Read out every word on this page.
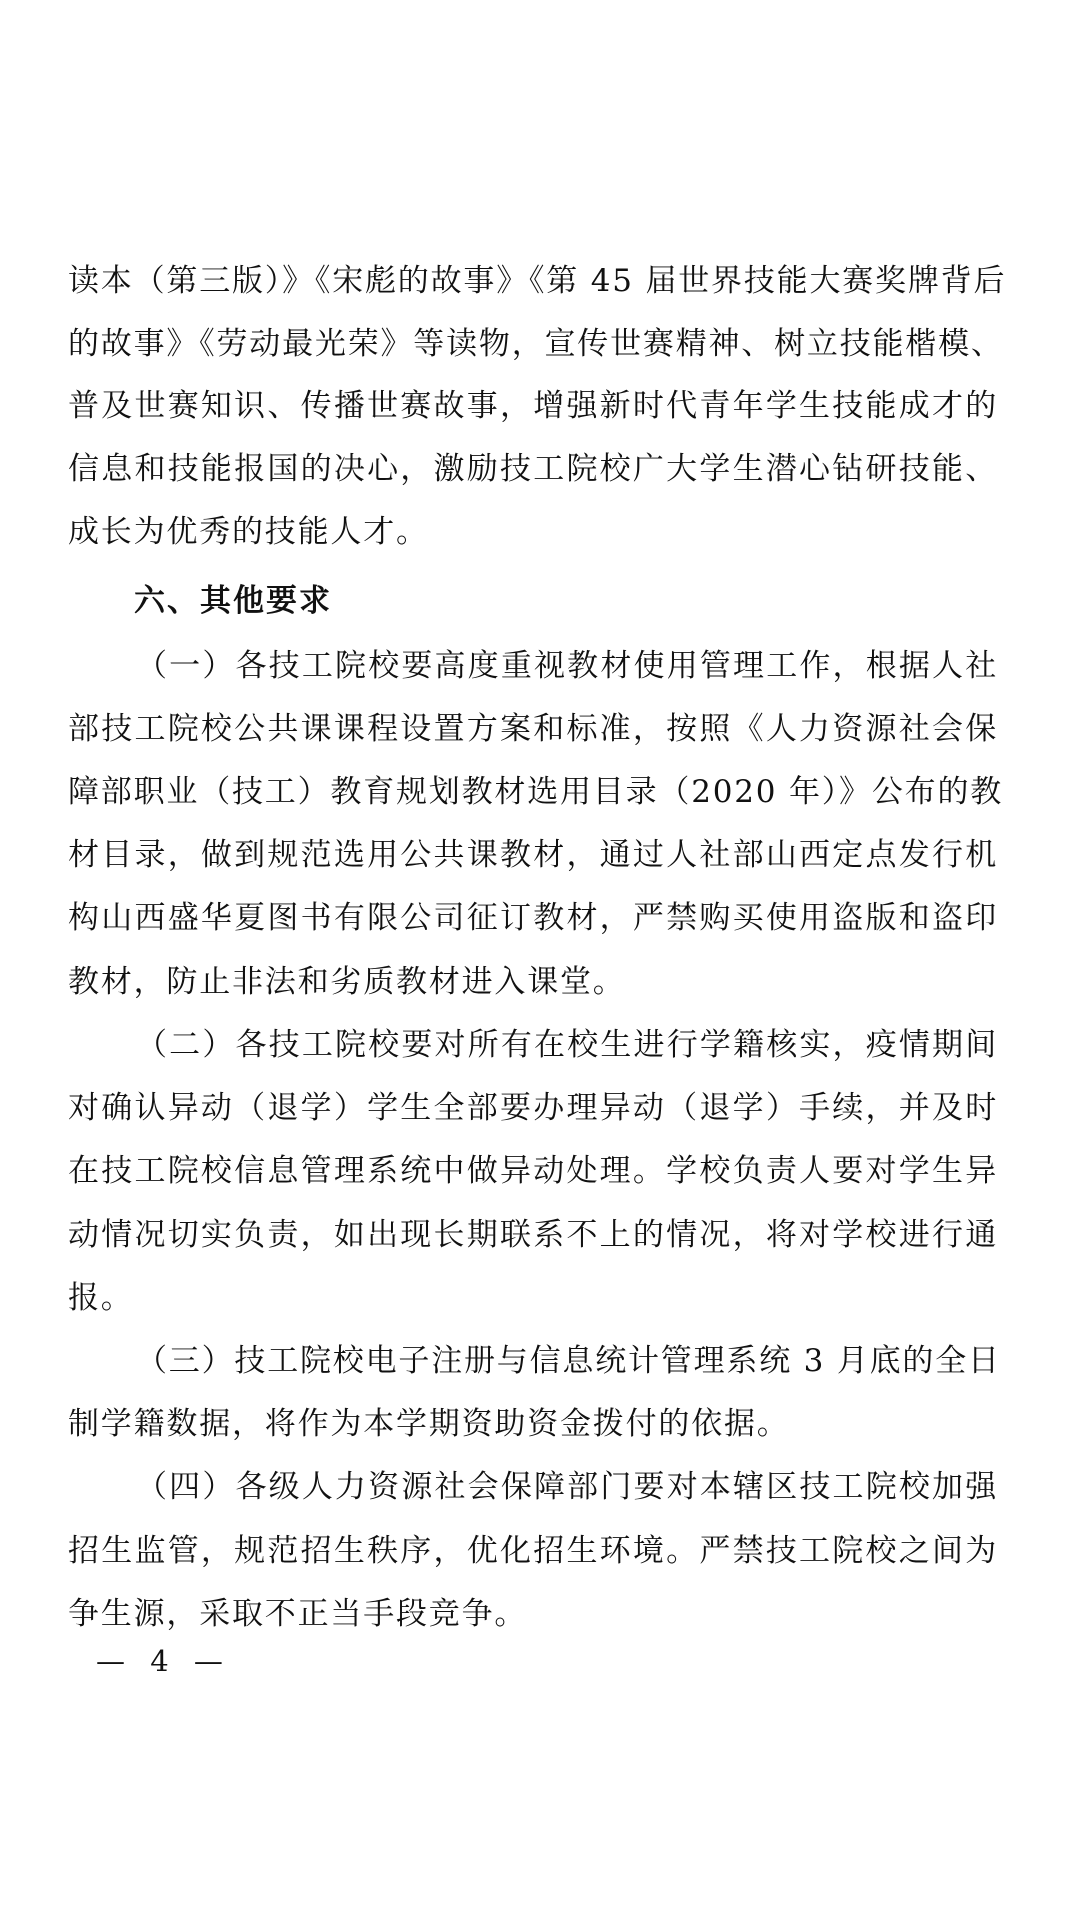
读本（第三版）》《宋彪的故事》《第 45 届世界技能大赛奖牌背后
的故事》《劳动最光荣》等读物，宣传世赛精神、树立技能楷模、
普及世赛知识、传播世赛故事，增强新时代青年学生技能成才的
信息和技能报国的决心，激励技工院校广大学生潜心钻研技能、
成长为优秀的技能人才。
六、其他要求
（一）各技工院校要高度重视教材使用管理工作，根据人社
部技工院校公共课课程设置方案和标准，按照《人力资源社会保
障部职业（技工）教育规划教材选用目录（2020 年）》公布的教
材目录，做到规范选用公共课教材，通过人社部山西定点发行机
构山西盛华夏图书有限公司征订教材，严禁购买使用盗版和盗印
教材，防止非法和劣质教材进入课堂。
（二）各技工院校要对所有在校生进行学籍核实，疫情期间
对确认异动（退学）学生全部要办理异动（退学）手续，并及时
在技工院校信息管理系统中做异动处理。学校负责人要对学生异
动情况切实负责，如出现长期联系不上的情况，将对学校进行通
报。
（三）技工院校电子注册与信息统计管理系统 3 月底的全日
制学籍数据，将作为本学期资助资金拨付的依据。
（四）各级人力资源社会保障部门要对本辖区技工院校加强
招生监管，规范招生秩序，优化招生环境。严禁技工院校之间为
争生源，采取不正当手段竞争。
— 4 —
